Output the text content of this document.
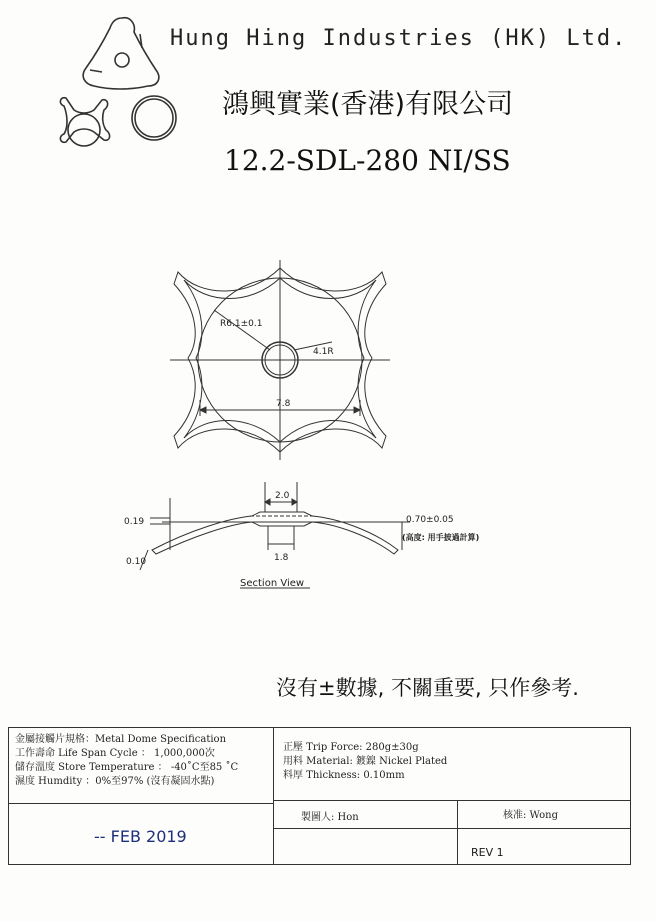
Hung Hing Industries (HK) Ltd.
鴻興實業(香港)有限公司
12.2-SDL-280 NI/SS
R6.1±0.1
4.1R
7.8
2.0
1.8
0.19
0.10
0.70±0.05
(高度: 用手披過計算)
Section View
沒有±數據, 不關重要, 只作參考.
金屬接觸片規格：Metal Dome Specification
工作壽命 Life Span Cycle ： 1,000,000次
儲存溫度 Store Temperature ： -40˚C至85 ˚C
濕度 Humdity ：0%至97% (沒有凝固水點)
正壓 Trip Force: 280g±30g
用料 Material: 鍍鎳 Nickel Plated
料厚 Thickness: 0.10mm
製圖人: Hon	核准: Wong
-- FEB 2019
REV 1
